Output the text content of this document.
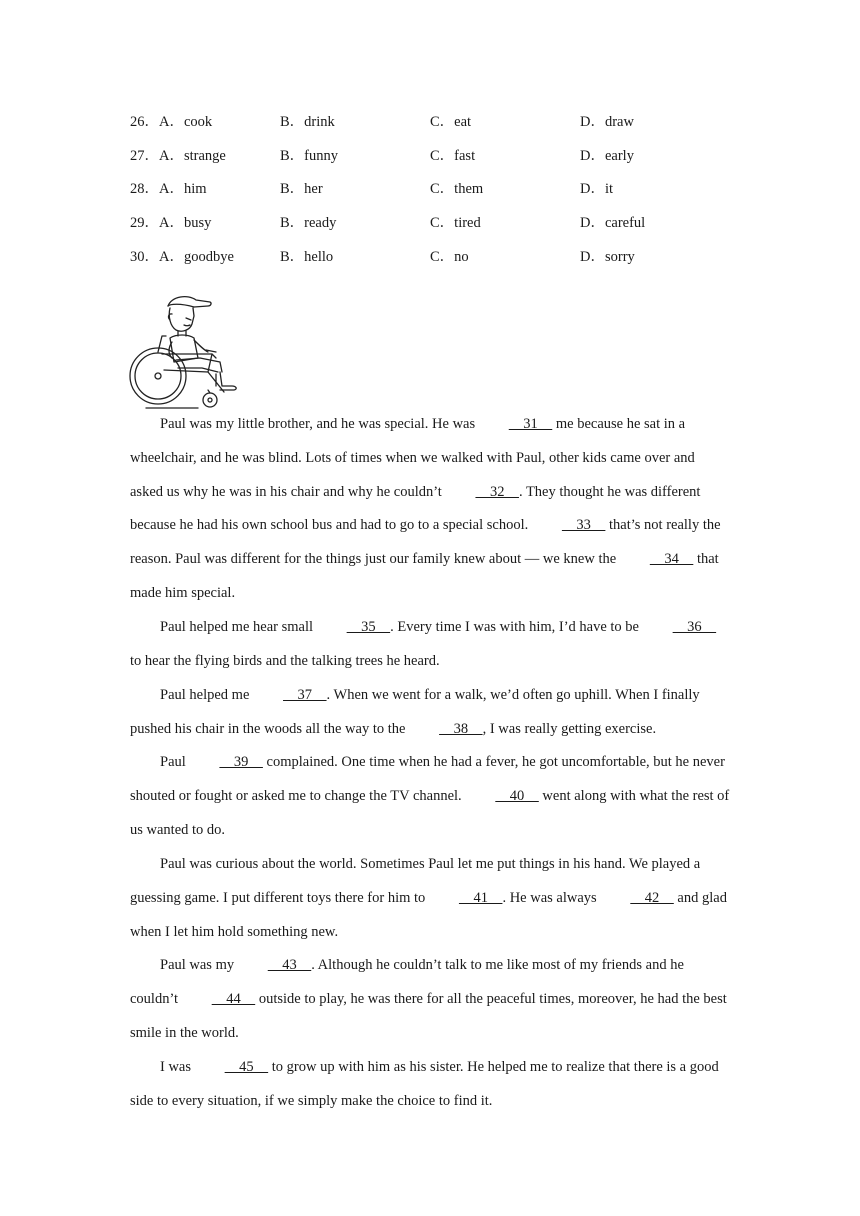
26．A．cook	B．drink	C．eat	D．draw
27．A．strange	B．funny	C．fast	D．early
28．A．him	B．her	C．them	D．it
29．A．busy	B．ready	C．tired	D．careful
30．A．goodbye	B．hello	C．no	D．sorry

Paul was my little brother, and he was special. He was     31     me because he sat in a wheelchair, and he was blind. Lots of times when we walked with Paul, other kids came over and asked us why he was in his chair and why he couldn’t     32    . They thought he was different because he had his own school bus and had to go to a special school.     33     that’s not really the reason. Paul was different for the things just our family knew about — we knew the     34     that made him special.

Paul helped me hear small     35    . Every time I was with him, I’d have to be     36     to hear the flying birds and the talking trees he heard.

Paul helped me     37    . When we went for a walk, we’d often go uphill. When I finally pushed his chair in the woods all the way to the     38    , I was really getting exercise.

Paul     39     complained. One time when he had a fever, he got uncomfortable, but he never shouted or fought or asked me to change the TV channel.     40     went along with what the rest of us wanted to do.

Paul was curious about the world. Sometimes Paul let me put things in his hand. We played a guessing game. I put different toys there for him to     41    . He was always     42     and glad when I let him hold something new.

Paul was my     43    . Although he couldn’t talk to me like most of my friends and he couldn’t     44     outside to play, he was there for all the peaceful times, moreover, he had the best smile in the world.

I was     45     to grow up with him as his sister. He helped me to realize that there is a good side to every situation, if we simply make the choice to find it.
